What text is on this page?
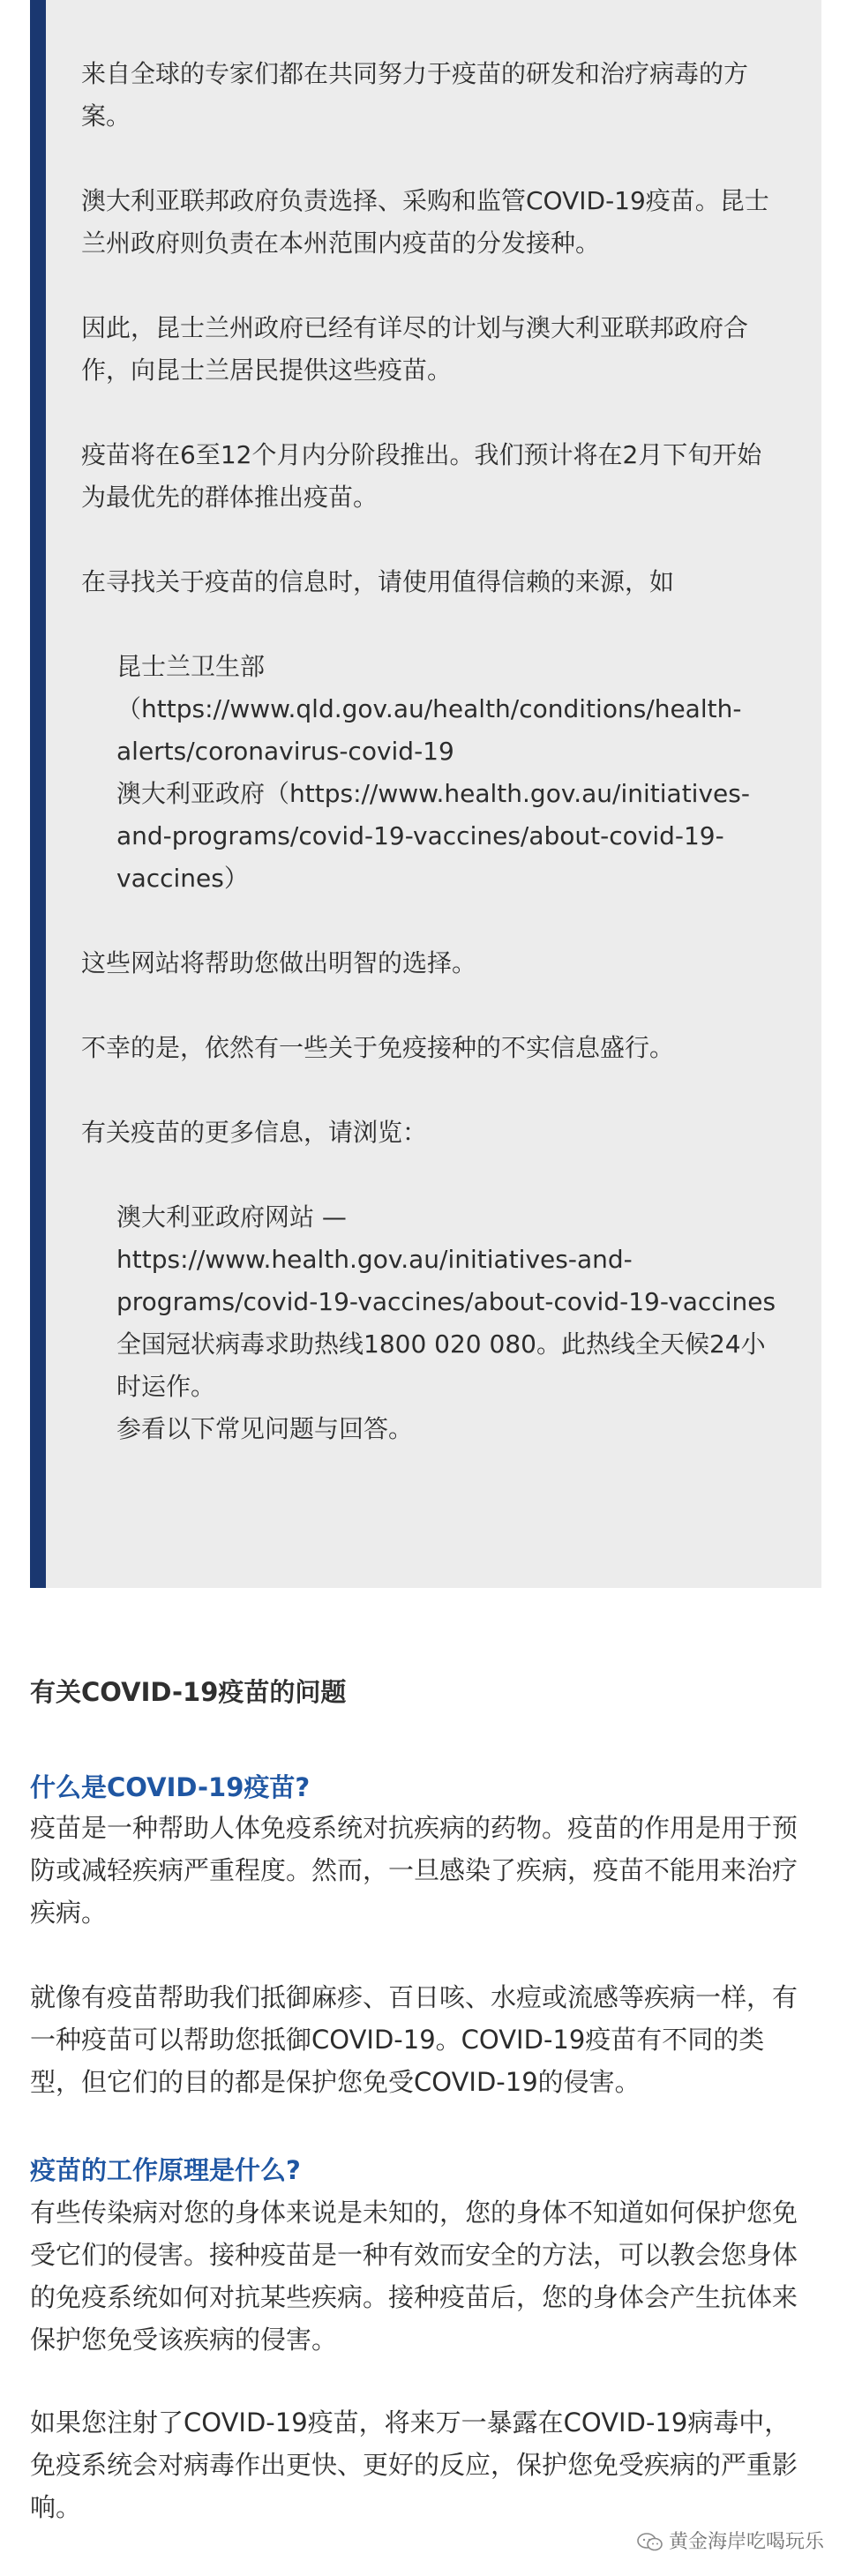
来自全球的专家们都在共同努力于疫苗的研发和治疗病毒的方案。

澳大利亚联邦政府负责选择、采购和监管COVID-19疫苗。昆士兰州政府则负责在本州范围内疫苗的分发接种。

因此，昆士兰州政府已经有详尽的计划与澳大利亚联邦政府合作，向昆士兰居民提供这些疫苗。

疫苗将在6至12个月内分阶段推出。我们预计将在2月下旬开始为最优先的群体推出疫苗。

在寻找关于疫苗的信息时，请使用值得信赖的来源，如

昆士兰卫生部

（https://www.qld.gov.au/health/conditions/health-alerts/coronavirus-covid-19

澳大利亚政府（https://www.health.gov.au/initiatives-and-programs/covid-19-vaccines/about-covid-19-vaccines）

这些网站将帮助您做出明智的选择。

不幸的是，依然有一些关于免疫接种的不实信息盛行。

有关疫苗的更多信息，请浏览：

澳大利亚政府网站 — https://www.health.gov.au/initiatives-and-programs/covid-19-vaccines/about-covid-19-vaccines

全国冠状病毒求助热线1800 020 080。此热线全天候24小时运作。

参看以下常见问题与回答。

有关COVID-19疫苗的问题
什么是COVID-19疫苗?

疫苗是一种帮助人体免疫系统对抗疾病的药物。疫苗的作用是用于预防或减轻疾病严重程度。然而，一旦感染了疾病，疫苗不能用来治疗疾病。

就像有疫苗帮助我们抵御麻疹、百日咳、水痘或流感等疾病一样，有一种疫苗可以帮助您抵御COVID-19。COVID-19疫苗有不同的类型，但它们的目的都是保护您免受COVID-19的侵害。

疫苗的工作原理是什么?

有些传染病对您的身体来说是未知的，您的身体不知道如何保护您免受它们的侵害。接种疫苗是一种有效而安全的方法，可以教会您身体的免疫系统如何对抗某些疾病。接种疫苗后，您的身体会产生抗体来保护您免受该疾病的侵害。

如果您注射了COVID-19疫苗，将来万一暴露在COVID-19病毒中，免疫系统会对病毒作出更快、更好的反应，保护您免受疾病的严重影响。

黄金海岸吃喝玩乐
